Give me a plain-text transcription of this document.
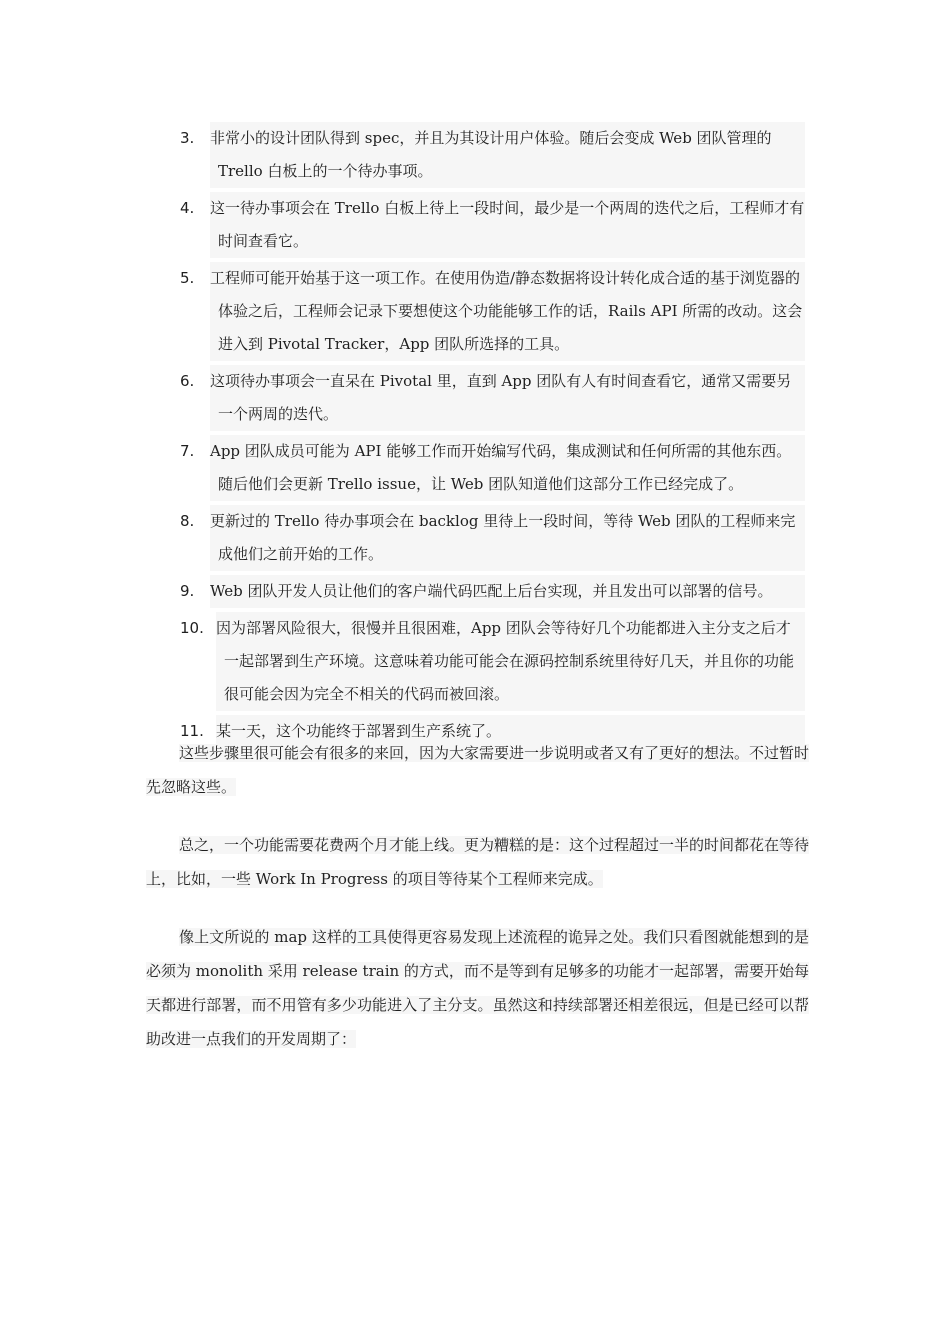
3. 非常小的设计团队得到 spec，并且为其设计用户体验。随后会变成 Web 团队管理的 Trello 白板上的一个待办事项。
4. 这一待办事项会在 Trello 白板上待上一段时间，最少是一个两周的迭代之后，工程师才有时间查看它。
5. 工程师可能开始基于这一项工作。在使用伪造/静态数据将设计转化成合适的基于浏览器的体验之后，工程师会记录下要想使这个功能能够工作的话，Rails API 所需的改动。这会进入到 Pivotal Tracker，App 团队所选择的工具。
6. 这项待办事项会一直呆在 Pivotal 里，直到 App 团队有人有时间查看它，通常又需要另一个两周的迭代。
7. App 团队成员可能为 API 能够工作而开始编写代码，集成测试和任何所需的其他东西。随后他们会更新 Trello issue，让 Web 团队知道他们这部分工作已经完成了。
8. 更新过的 Trello 待办事项会在 backlog 里待上一段时间，等待 Web 团队的工程师来完成他们之前开始的工作。
9. Web 团队开发人员让他们的客户端代码匹配上后台实现，并且发出可以部署的信号。
10. 因为部署风险很大，很慢并且很困难，App 团队会等待好几个功能都进入主分支之后才一起部署到生产环境。这意味着功能可能会在源码控制系统里待好几天，并且你的功能很可能会因为完全不相关的代码而被回滚。
11. 某一天，这个功能终于部署到生产系统了。

这些步骤里很可能会有很多的来回，因为大家需要进一步说明或者又有了更好的想法。不过暂时先忽略这些。

总之，一个功能需要花费两个月才能上线。更为糟糕的是：这个过程超过一半的时间都花在等待上，比如，一些 Work In Progress 的项目等待某个工程师来完成。

像上文所说的 map 这样的工具使得更容易发现上述流程的诡异之处。我们只看图就能想到的是必须为 monolith 采用 release train 的方式，而不是等到有足够多的功能才一起部署，需要开始每天都进行部署，而不用管有多少功能进入了主分支。虽然这和持续部署还相差很远，但是已经可以帮助改进一点我们的开发周期了：
